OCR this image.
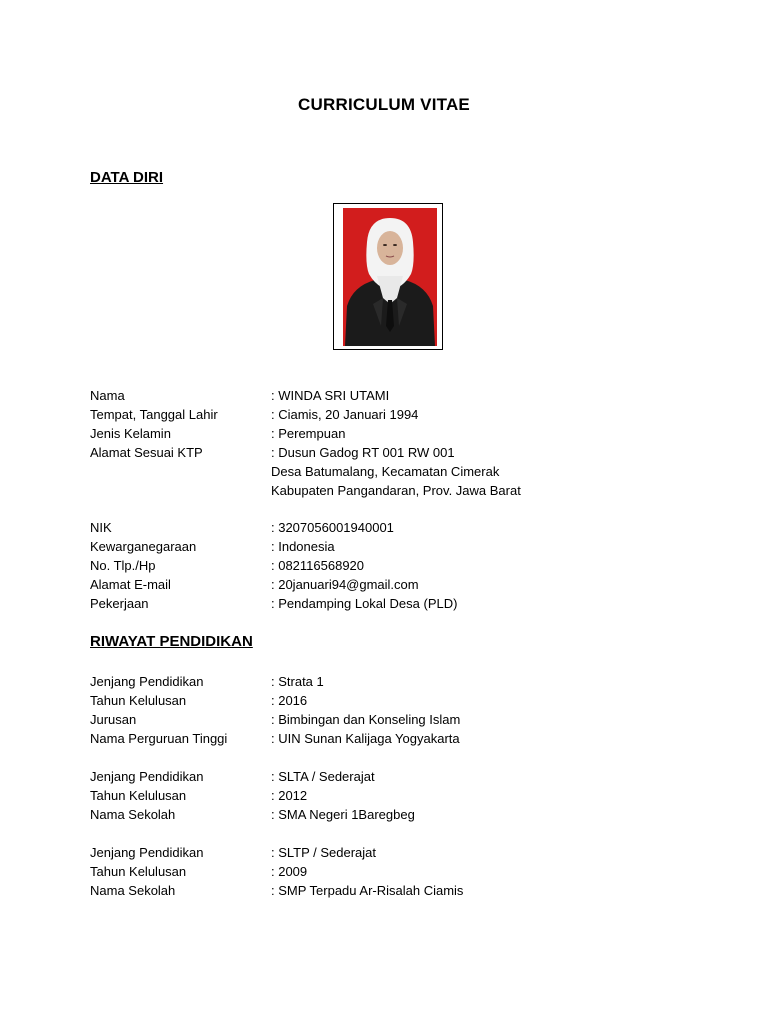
CURRICULUM VITAE
DATA DIRI
Nama	: WINDA SRI UTAMI
Tempat, Tanggal Lahir	: Ciamis, 20 Januari 1994
Jenis Kelamin	: Perempuan
Alamat Sesuai KTP	: Dusun Gadog RT 001 RW 001
Desa Batumalang, Kecamatan Cimerak
Kabupaten Pangandaran, Prov. Jawa Barat
NIK	: 3207056001940001
Kewarganegaraan	: Indonesia
No. Tlp./Hp	: 082116568920
Alamat E-mail	: 20januari94@gmail.com
Pekerjaan	: Pendamping Lokal Desa (PLD)
RIWAYAT PENDIDIKAN
Jenjang Pendidikan	: Strata 1
Tahun Kelulusan	: 2016
Jurusan	: Bimbingan dan Konseling Islam
Nama Perguruan Tinggi	: UIN Sunan Kalijaga Yogyakarta
Jenjang Pendidikan	: SLTA / Sederajat
Tahun Kelulusan	: 2012
Nama Sekolah	: SMA Negeri 1Baregbeg
Jenjang Pendidikan	: SLTP / Sederajat
Tahun Kelulusan	: 2009
Nama Sekolah	: SMP Terpadu Ar-Risalah Ciamis
